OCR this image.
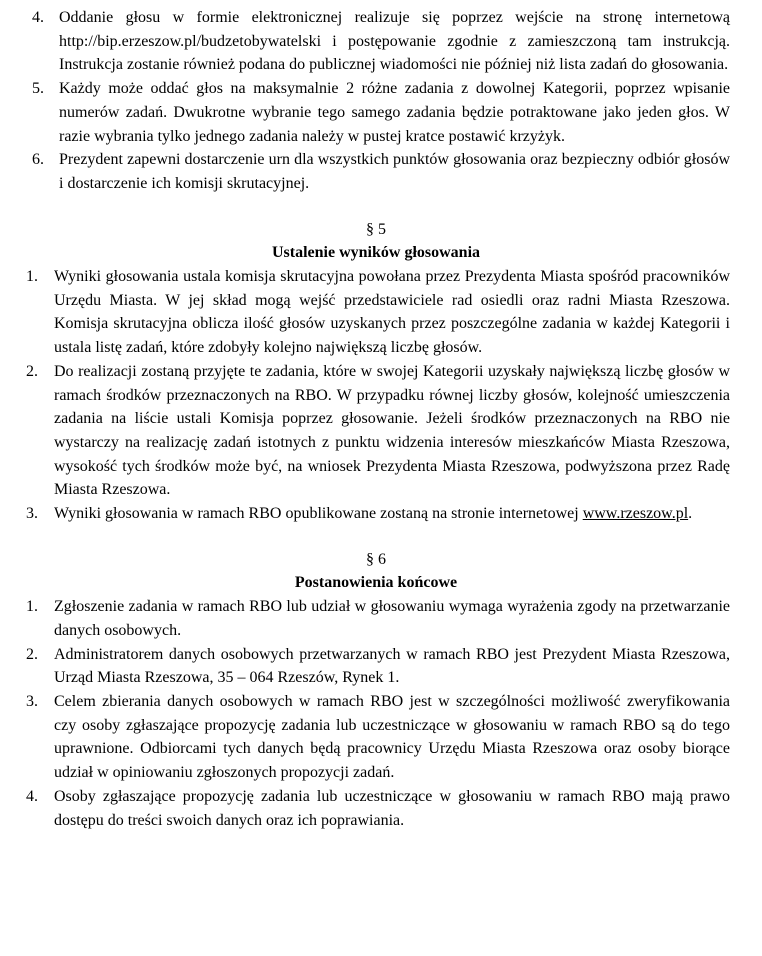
4. Oddanie głosu w formie elektronicznej realizuje się poprzez wejście na stronę internetową http://bip.erzeszow.pl/budzetobywatelski i postępowanie zgodnie z zamieszczoną tam instrukcją. Instrukcja zostanie również podana do publicznej wiadomości nie później niż lista zadań do głosowania.
5. Każdy może oddać głos na maksymalnie 2 różne zadania z dowolnej Kategorii, poprzez wpisanie numerów zadań. Dwukrotne wybranie tego samego zadania będzie potraktowane jako jeden głos. W razie wybrania tylko jednego zadania należy w pustej kratce postawić krzyżyk.
6. Prezydent zapewni dostarczenie urn dla wszystkich punktów głosowania oraz bezpieczny odbiór głosów i dostarczenie ich komisji skrutacyjnej.
§ 5
Ustalenie wyników głosowania
1.	Wyniki głosowania ustala komisja skrutacyjna powołana przez Prezydenta Miasta spośród pracowników Urzędu Miasta. W jej skład mogą wejść przedstawiciele rad osiedli oraz radni Miasta Rzeszowa. Komisja skrutacyjna oblicza ilość głosów uzyskanych przez poszczególne zadania w każdej Kategorii i ustala listę zadań, które zdobyły kolejno największą liczbę głosów.
2.	Do realizacji zostaną przyjęte te zadania, które w swojej Kategorii uzyskały największą liczbę głosów w ramach środków przeznaczonych na RBO. W przypadku równej liczby głosów, kolejność umieszczenia zadania na liście ustali Komisja poprzez głosowanie. Jeżeli środków przeznaczonych na RBO nie wystarczy na realizację zadań istotnych z punktu widzenia interesów mieszkańców Miasta Rzeszowa, wysokość tych środków może być, na wniosek Prezydenta Miasta Rzeszowa, podwyższona przez Radę Miasta Rzeszowa.
3.	Wyniki głosowania w ramach RBO opublikowane zostaną na stronie internetowej www.rzeszow.pl.
§ 6
Postanowienia końcowe
1.	Zgłoszenie zadania w ramach RBO lub udział w głosowaniu wymaga wyrażenia zgody na przetwarzanie danych osobowych.
2.	Administratorem danych osobowych przetwarzanych w ramach RBO jest Prezydent Miasta Rzeszowa, Urząd Miasta Rzeszowa, 35 – 064 Rzeszów, Rynek 1.
3.	Celem zbierania danych osobowych w ramach RBO jest w szczególności możliwość zweryfikowania czy osoby zgłaszające propozycję zadania lub uczestniczące w głosowaniu w ramach RBO są do tego uprawnione. Odbiorcami tych danych będą pracownicy Urzędu Miasta Rzeszowa oraz osoby biorące udział w opiniowaniu zgłoszonych propozycji zadań.
4.	Osoby zgłaszające propozycję zadania lub uczestniczące w głosowaniu w ramach RBO mają prawo dostępu do treści swoich danych oraz ich poprawiania.
